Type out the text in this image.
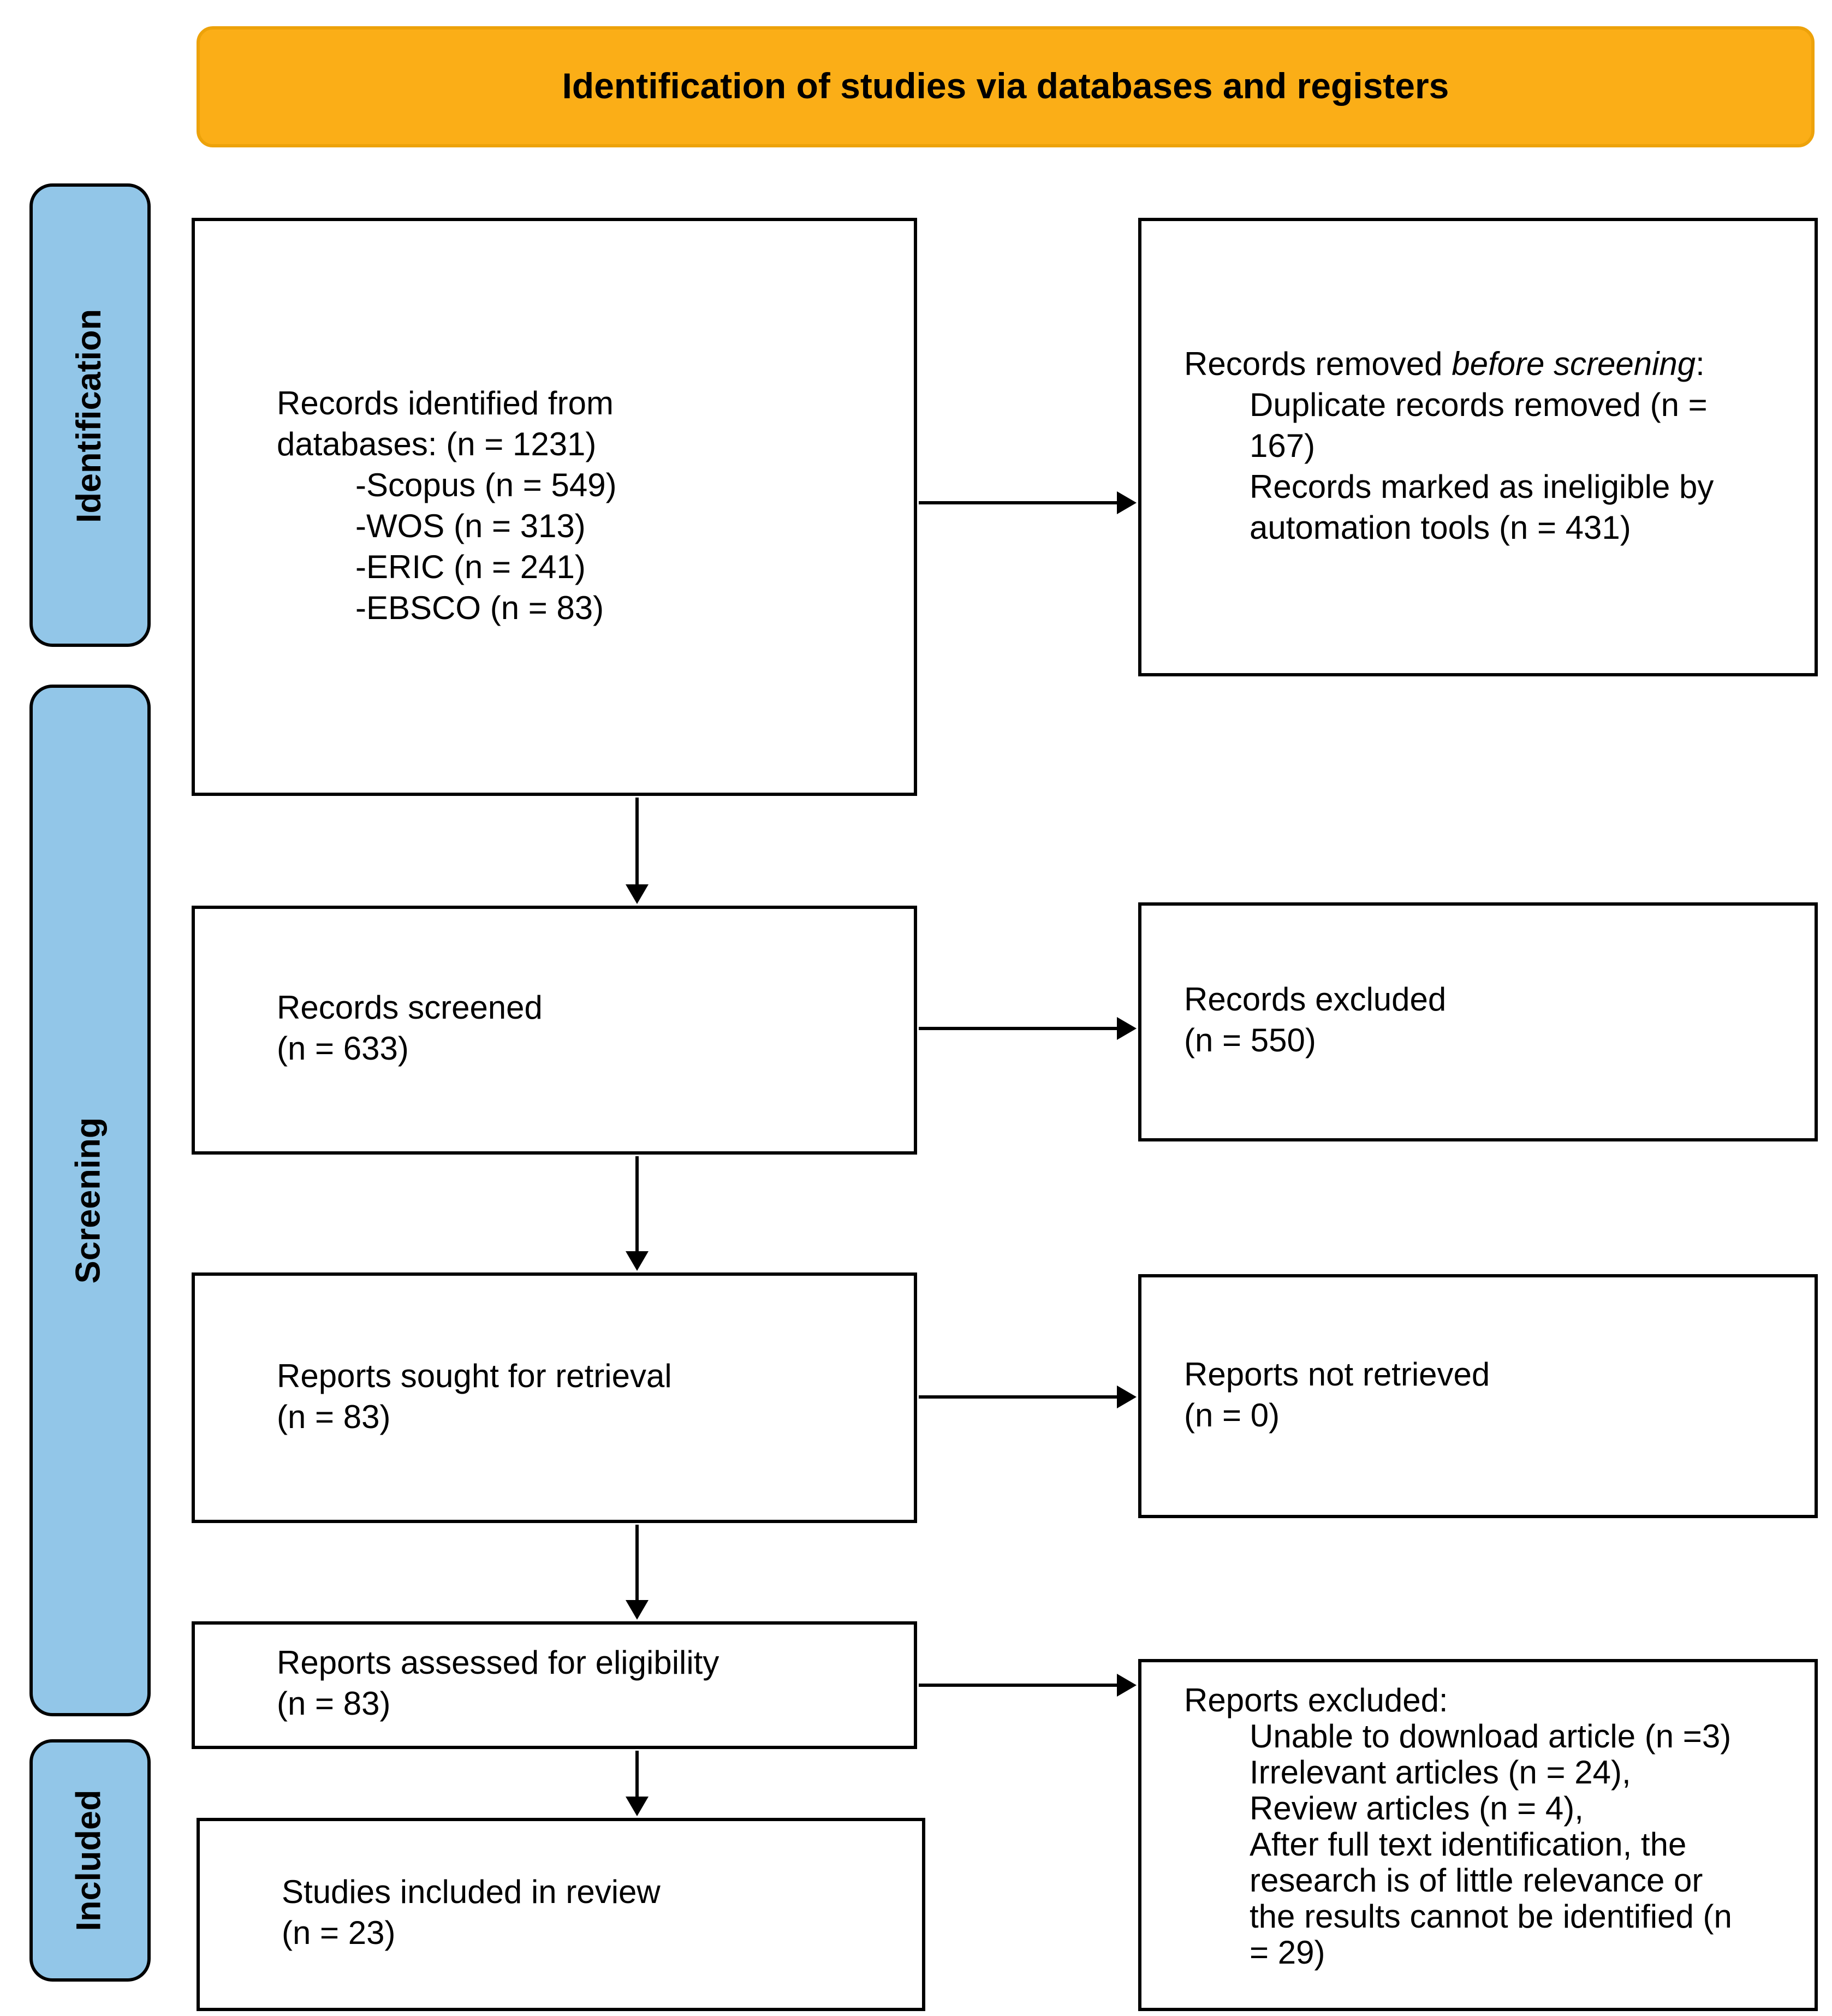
Identification of studies via databases and registers
Identification
Screening
Included
Records identified from
databases: (n = 1231)
-Scopus (n = 549)
-WOS (n = 313)
-ERIC (n = 241)
-EBSCO (n = 83)
Records removed before screening:
Duplicate records removed (n = 167)
Records marked as ineligible by automation tools (n = 431)
Records screened
(n = 633)
Records excluded
(n = 550)
Reports sought for retrieval
(n = 83)
Reports not retrieved
(n = 0)
Reports assessed for eligibility
(n = 83)	Reports excluded:
Unable to download article (n =3)
Irrelevant articles (n = 24),
Review articles (n = 4),
After full text identification, the research is of little relevance or the results cannot be identified (n = 29)
Studies included in review
(n = 23)
